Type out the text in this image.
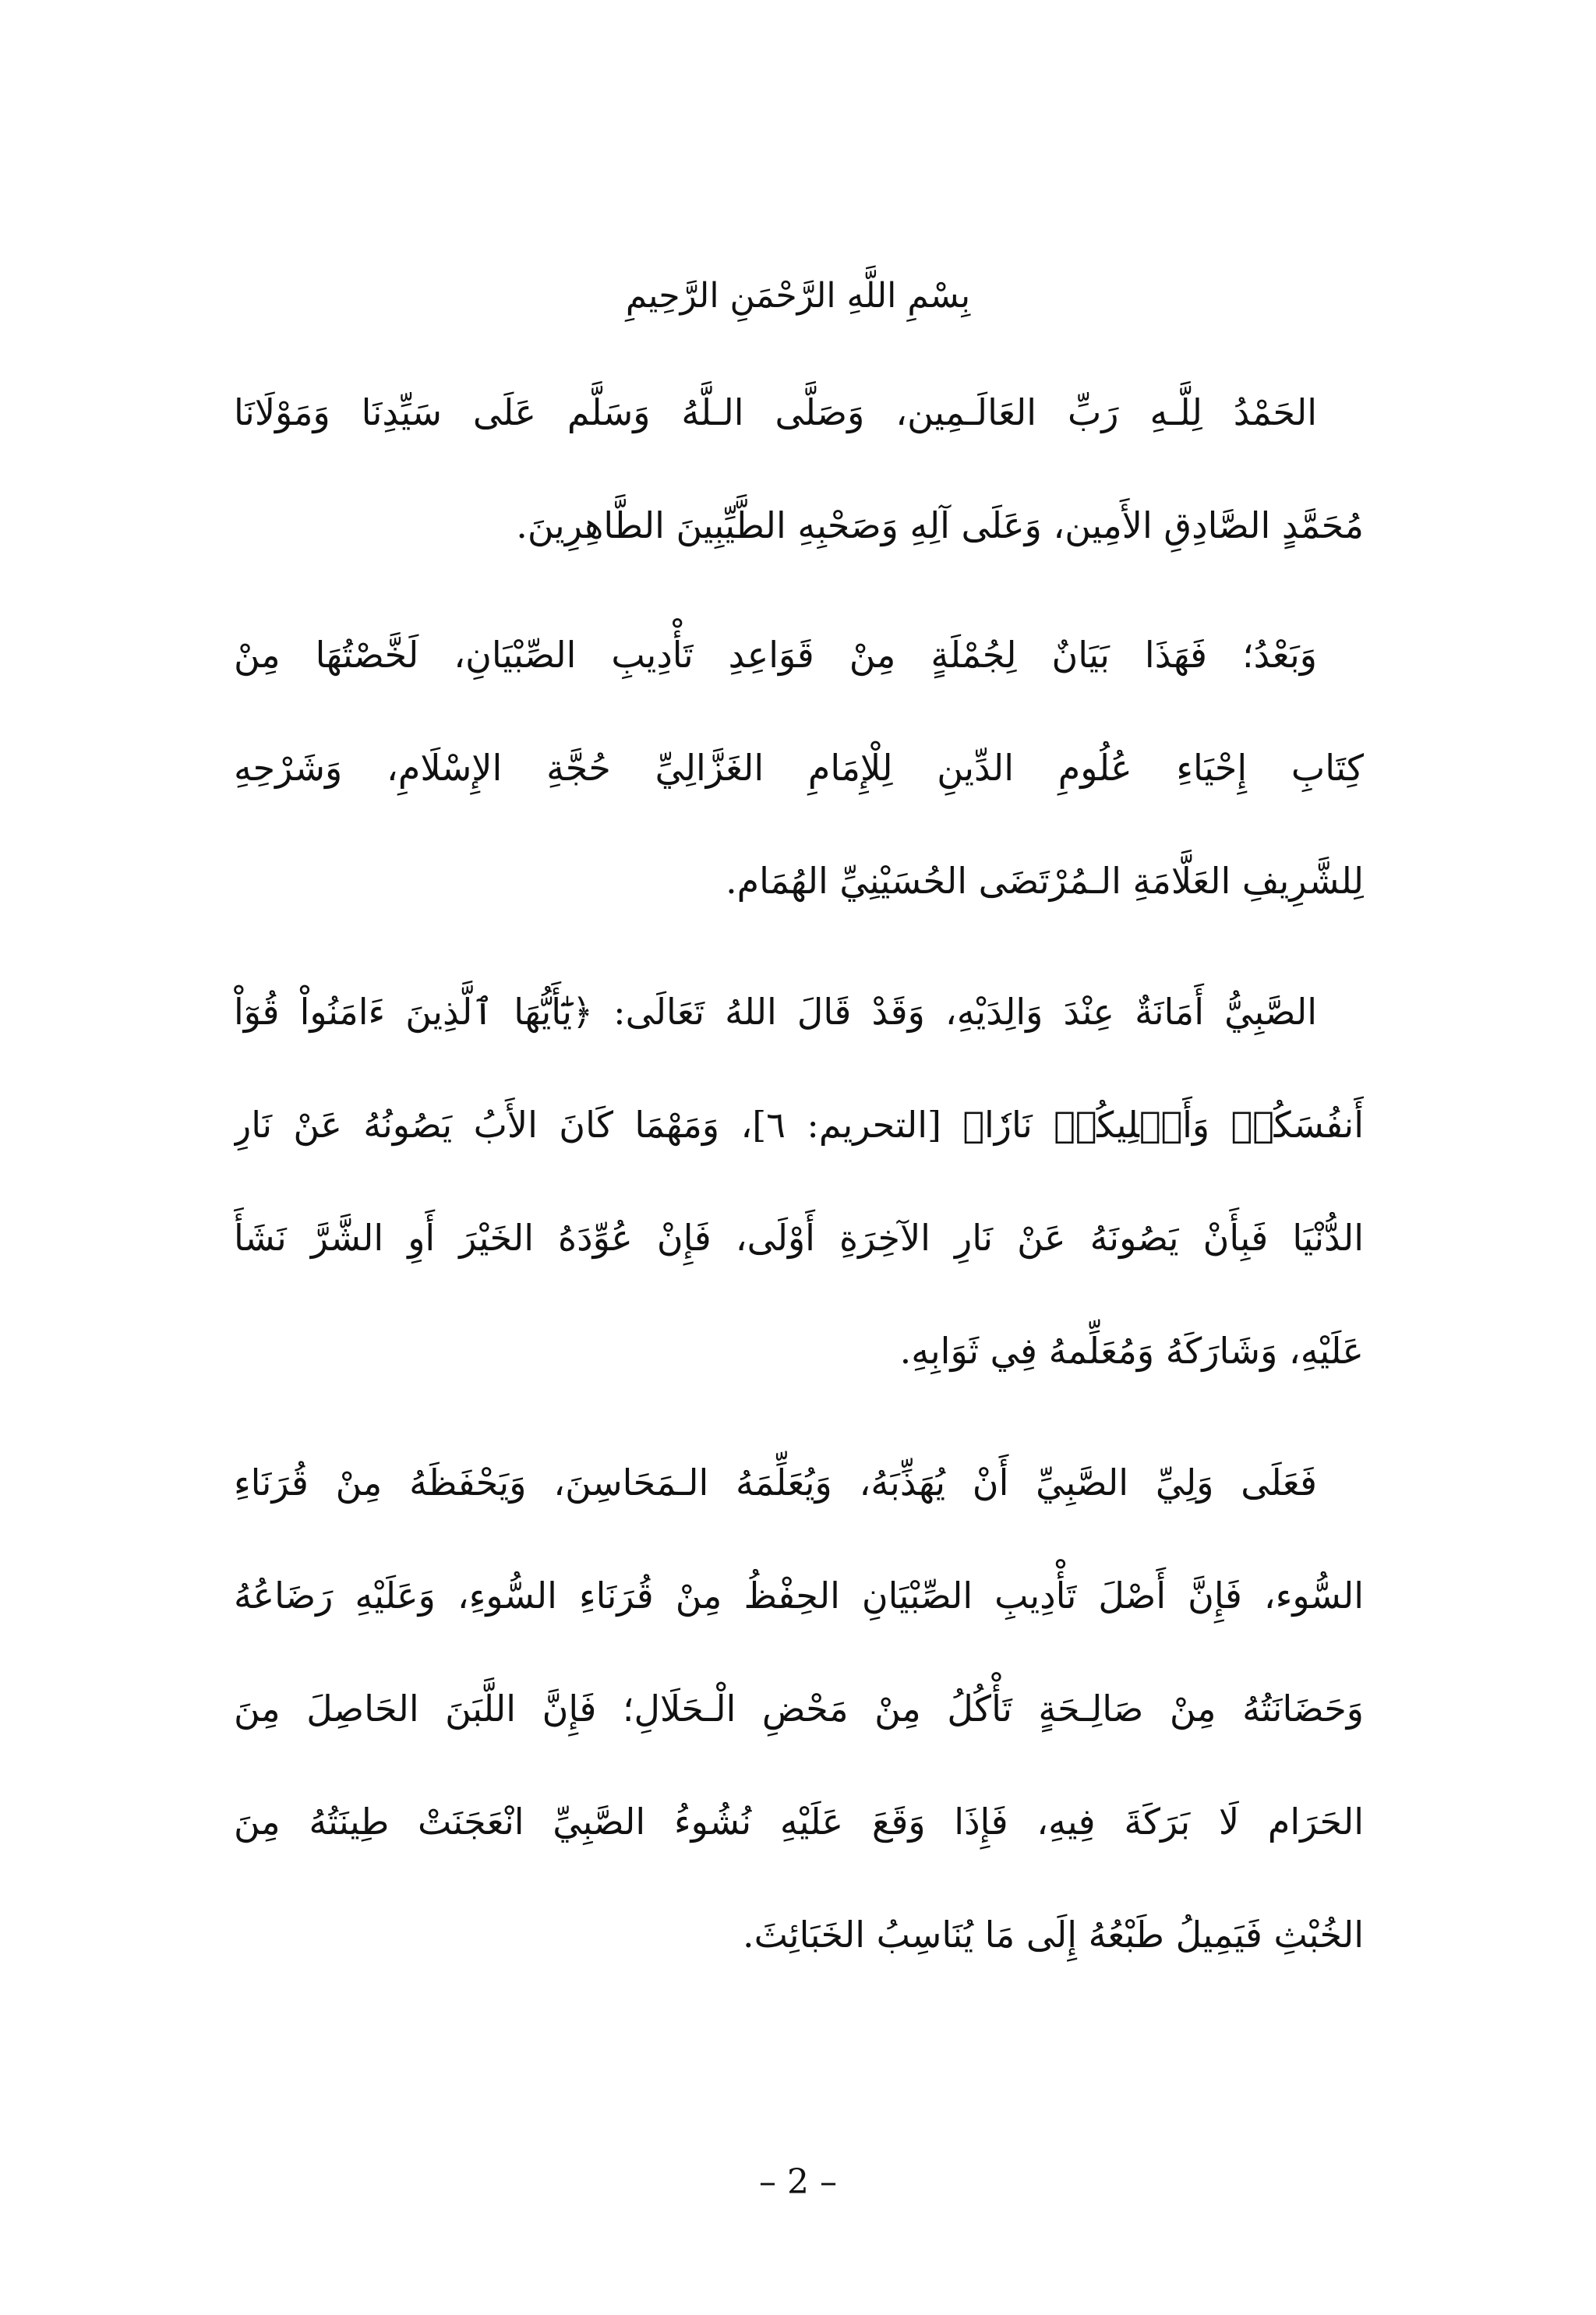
بِسْمِ اللَّهِ الرَّحْمَنِ الرَّحِيمِ
الحَمْدُ لِلَّـهِ رَبِّ العَالَـمِين، وَصَلَّى الـلَّهُ وَسَلَّم عَلَى سَيِّدِنَا وَمَوْلَانَا
مُحَمَّدٍ الصَّادِقِ الأَمِين، وَعَلَى آلِهِ وَصَحْبِهِ الطَّيِّبِينَ الطَّاهِرِينَ.
وَبَعْدُ؛ فَهَذَا بَيَانٌ لِجُمْلَةٍ مِنْ قَوَاعِدِ تَأْدِيبِ الصِّبْيَانِ، لَخَّصْتُهَا مِنْ
كِتَابِ إِحْيَاءِ عُلُومِ الدِّينِ لِلْإِمَامِ الغَزَّالِيِّ حُجَّةِ الإِسْلَامِ، وَشَرْحِهِ
لِلشَّرِيفِ العَلَّامَةِ الـمُرْتَضَى الحُسَيْنِيِّ الهُمَام.
الصَّبِيُّ أَمَانَةٌ عِنْدَ وَالِدَيْهِ، وَقَدْ قَالَ اللهُ تَعَالَى: ﴿يَٰٓأَيُّهَا ٱلَّذِينَ ءَامَنُواْ قُوٓاْ
أَنفُسَكُمۡ وَأَهۡلِيكُمۡ نَارٗا﴾ [التحريم: ٦]، وَمَهْمَا كَانَ الأَبُ يَصُونُهُ عَنْ نَارِ
الدُّنْيَا فَبِأَنْ يَصُونَهُ عَنْ نَارِ الآخِرَةِ أَوْلَى، فَإِنْ عُوِّدَهُ الخَيْرَ أَوِ الشَّرَّ نَشَأَ
عَلَيْهِ، وَشَارَكَهُ وَمُعَلِّمهُ فِي ثَوَابِهِ.
فَعَلَى وَلِيِّ الصَّبِيِّ أَنْ يُهَذِّبَهُ، وَيُعَلِّمَهُ الـمَحَاسِنَ، وَيَحْفَظَهُ مِنْ قُرَنَاءِ
السُّوء، فَإِنَّ أَصْلَ تَأْدِيبِ الصِّبْيَانِ الحِفْظُ مِنْ قُرَنَاءِ السُّوءِ، وَعَلَيْهِ رَضَاعُهُ
وَحَضَانَتُهُ مِنْ صَالِـحَةٍ تَأْكُلُ مِنْ مَحْضِ الْـحَلَالِ؛ فَإِنَّ اللَّبَنَ الحَاصِلَ مِنَ
الحَرَام لَا بَرَكَةَ فِيهِ، فَإِذَا وَقَعَ عَلَيْهِ نُشُوءُ الصَّبِيِّ انْعَجَنَتْ طِينَتُهُ مِنَ
الخُبْثِ فَيَمِيلُ طَبْعُهُ إِلَى مَا يُنَاسِبُ الخَبَائِثَ.
– 2 –
